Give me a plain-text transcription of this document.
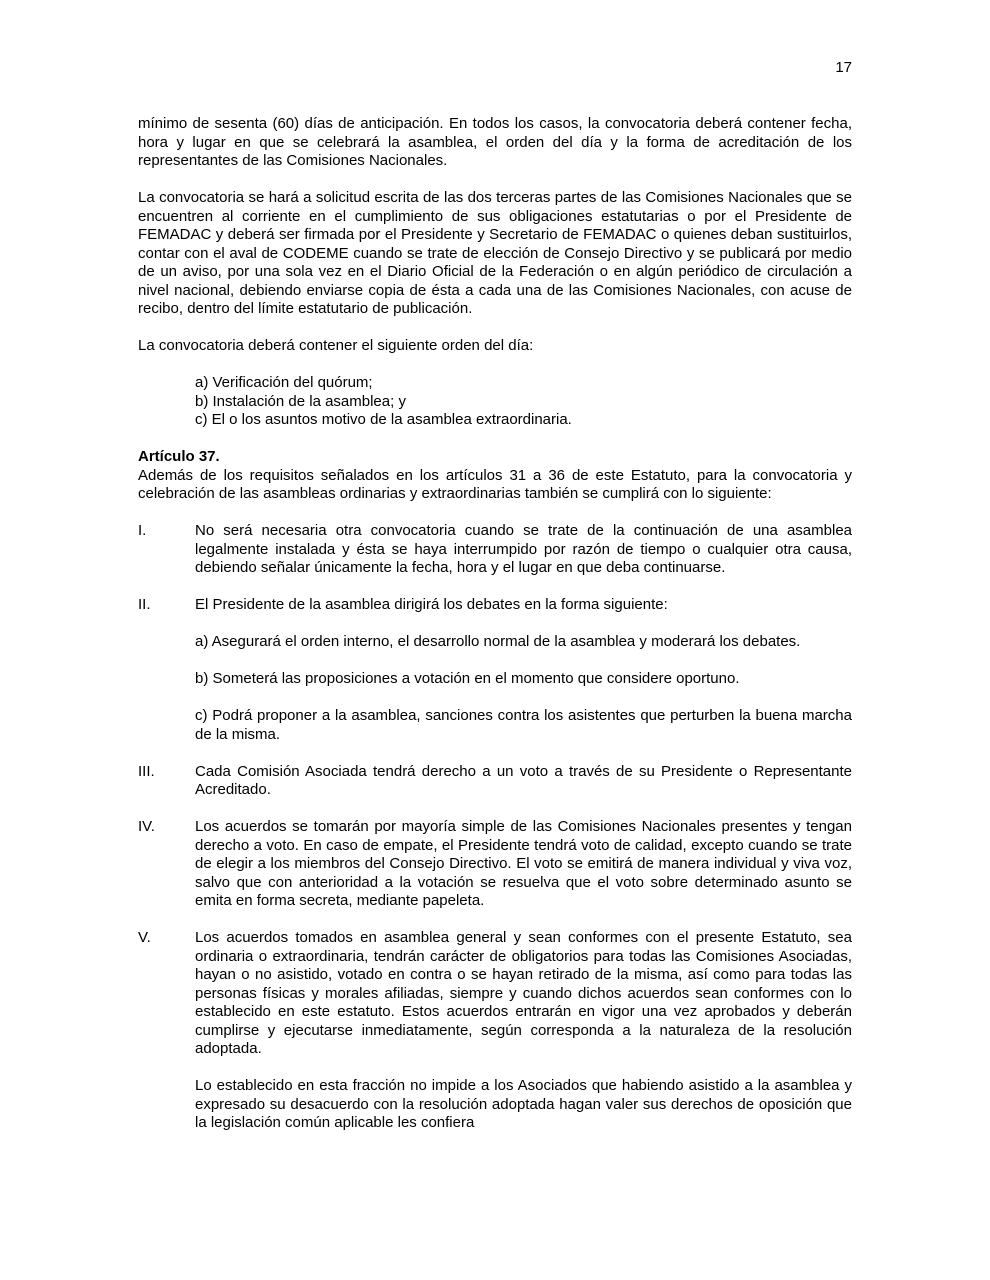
17

mínimo de sesenta (60) días de anticipación. En todos los casos, la convocatoria deberá contener fecha, hora y lugar en que se celebrará la asamblea, el orden del día y la forma de acreditación de los representantes de las Comisiones Nacionales.

La convocatoria se hará a solicitud escrita de las dos terceras partes de las Comisiones Nacionales que se encuentren al corriente en el cumplimiento de sus obligaciones estatutarias o por el Presidente de FEMADAC y deberá ser firmada por el Presidente y Secretario de FEMADAC o quienes deban sustituirlos, contar con el aval de CODEME cuando se trate de elección de Consejo Directivo y se publicará por medio de un aviso, por una sola vez en el Diario Oficial de la Federación o en algún periódico de circulación a nivel nacional, debiendo enviarse copia de ésta a cada una de las Comisiones Nacionales, con acuse de recibo, dentro del límite estatutario de publicación.

La convocatoria deberá contener el siguiente orden del día:

a) Verificación del quórum;
b) Instalación de la asamblea; y
c) El o los asuntos motivo de la asamblea extraordinaria.

Artículo 37.

Además de los requisitos señalados en los artículos 31 a 36 de este Estatuto, para la convocatoria y celebración de las asambleas ordinarias y extraordinarias también se cumplirá con lo siguiente:

I.	No será necesaria otra convocatoria cuando se trate de la continuación de una asamblea legalmente instalada y ésta se haya interrumpido por razón de tiempo o cualquier otra causa, debiendo señalar únicamente la fecha, hora y el lugar en que deba continuarse.

II.	El Presidente de la asamblea dirigirá los debates en la forma siguiente:

a) Asegurará el orden interno, el desarrollo normal de la asamblea y moderará los debates.

b) Someterá las proposiciones a votación en el momento que considere oportuno.

c) Podrá proponer a la asamblea, sanciones contra los asistentes que perturben la buena marcha de la misma.

III.	Cada Comisión Asociada tendrá derecho a un voto a través de su Presidente o Representante Acreditado.

IV.	Los acuerdos se tomarán por mayoría simple de las Comisiones Nacionales presentes y tengan derecho a voto. En caso de empate, el Presidente tendrá voto de calidad, excepto cuando se trate de elegir a los miembros del Consejo Directivo. El voto se emitirá de manera individual y viva voz, salvo que con anterioridad a la votación se resuelva que el voto sobre determinado asunto se emita en forma secreta, mediante papeleta.

V.	Los acuerdos tomados en asamblea general y sean conformes con el presente Estatuto, sea ordinaria o extraordinaria, tendrán carácter de obligatorios para todas las Comisiones Asociadas, hayan o no asistido, votado en contra o se hayan retirado de la misma, así como para todas las personas físicas y morales afiliadas, siempre y cuando dichos acuerdos sean conformes con lo establecido en este estatuto. Estos acuerdos entrarán en vigor una vez aprobados y deberán cumplirse y ejecutarse inmediatamente, según corresponda a la naturaleza de la resolución adoptada.

Lo establecido en esta fracción no impide a los Asociados que habiendo asistido a la asamblea y expresado su desacuerdo con la resolución adoptada hagan valer sus derechos de oposición que la legislación común aplicable les confiera
